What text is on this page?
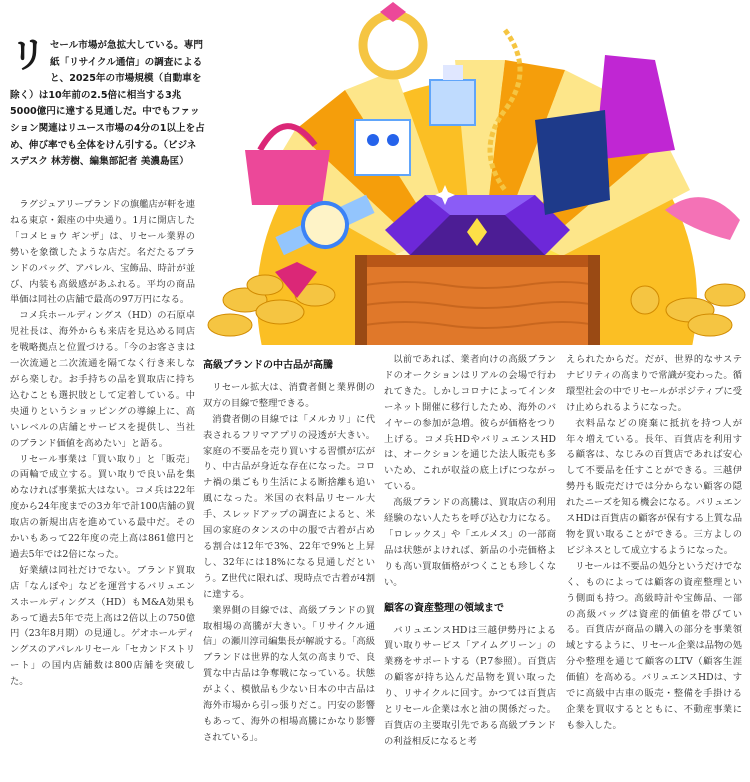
リ セール市場が急拡大している。専門紙「リサイクル通信」の調査によると、2025年の市場規模（自動車を除く）は10年前の2.5倍に相当する3兆5000億円に達する見通しだ。中でもファッション関連はリユース市場の4分の1以上を占め、伸び率でも全体をけん引する。（ビジネスデスク 林芳樹、編集部記者 美濃島匡）

ラグジュアリーブランドの旗艦店が軒を連ねる東京・銀座の中央通り。1月に開店した「コメヒョウ ギンザ」は、リセール業界の勢いを象徴したような店だ。名だたるブランドのバッグ、アパレル、宝飾品、時計が並び、内装も高級感があふれる。平均の商品単価は同社の店舗で最高の97万円になる。

コメ兵ホールディングス（HD）の石原卓児社長は、海外からも来店を見込める同店を戦略拠点と位置づける。「今のお客さまは一次流通と二次流通を隔てなく行き来しながら楽しむ。お手持ちの品を買取店に持ち込むことも選択肢として定着している。中央通りというショッピングの導線上に、高いレベルの店舗とサービスを提供し、当社のブランド価値を高めたい」と語る。

リセール事業は「買い取り」と「販売」の両輪で成立する。買い取りで良い品を集めなければ事業拡大はない。コメ兵は22年度から24年度までの3カ年で計100店舗の買取店の新規出店を進めている最中だ。そのかいもあって22年度の売上高は861億円と過去5年では2倍になった。

好業績は同社だけでない。ブランド買取店「なんぼや」などを運営するバリュエンスホールディングス（HD）もM&A効果もあって過去5年で売上高は2倍以上の750億円（23年8月期）の見通し。ゲオホールディングスのアパレルリセール「セカンドストリート」の国内店舗数は800店舗を突破した。

高級ブランドの中古品が高騰

リセール拡大は、消費者側と業界側の双方の目線で整理できる。

消費者側の目線では「メルカリ」に代表されるフリマアプリの浸透が大きい。家庭の不要品を売り買いする習慣が広がり、中古品が身近な存在になった。コロナ禍の巣ごもり生活による断捨離も追い風になった。米国の衣料品リセール大手、スレッドアップの調査によると、米国の家庭のタンスの中の服で古着が占める割合は12年で3%、22年で9%と上昇し、32年には18%になる見通しだという。Z世代に限れば、現時点で古着が4割に達する。

業界側の目線では、高級ブランドの買取相場の高騰が大きい。「リサイクル通信」の瀬川淳司編集長が解説する。「高級ブランドは世界的な人気の高まりで、良質な中古品は争奪戦になっている。状態がよく、模倣品も少ない日本の中古品は海外市場から引っ張りだこ。円安の影響もあって、海外の相場高騰にかなり影響されている」。

以前であれば、業者向けの高級ブランドのオークションはリアルの会場で行われてきた。しかしコロナによってインターネット開催に移行したため、海外のバイヤーの参加が急増。彼らが価格をつり上げる。コメ兵HDやバリュエンスHDは、オークションを通じた法人販売も多いため、これが収益の底上げにつながっている。

高級ブランドの高騰は、買取店の利用経験のない人たちを呼び込む力になる。「ロレックス」や「エルメス」の一部商品は状態がよければ、新品の小売価格よりも高い買取価格がつくことも珍しくない。

顧客の資産整理の領域まで

バリュエンスHDは三越伊勢丹による買い取りサービス「アイムグリーン」の業務をサポートする（P.7参照）。百貨店の顧客が持ち込んだ品物を買い取ったり、リサイクルに回す。かつては百貨店とリセール企業は水と油の関係だった。百貨店の主要取引先である高級ブランドの利益相反になると考

えられたからだ。だが、世界的なサステナビリティの高まりで常識が変わった。循環型社会の中でリセールがポジティブに受け止められるようになった。

衣料品などの廃棄に抵抗を持つ人が年々増えている。長年、百貨店を利用する顧客は、なじみの百貨店であれば安心して不要品を任すことができる。三越伊勢丹も販売だけでは分からない顧客の隠れたニーズを知る機会になる。バリュエンスHDは百貨店の顧客が保有する上質な品物を買い取ることができる。三方よしのビジネスとして成立するようになった。

リセールは不要品の処分というだけでなく、ものによっては顧客の資産整理という側面も持つ。高級時計や宝飾品、一部の高級バッグは資産的価値を帯びている。百貨店が商品の購入の部分を事業領域とするように、リセール企業は品物の処分や整理を通じて顧客のLTV（顧客生涯価値）を高める。バリュエンスHDは、すでに高級中古車の販売・整備を手掛ける企業を買収するとともに、不動産事業にも参入した。
